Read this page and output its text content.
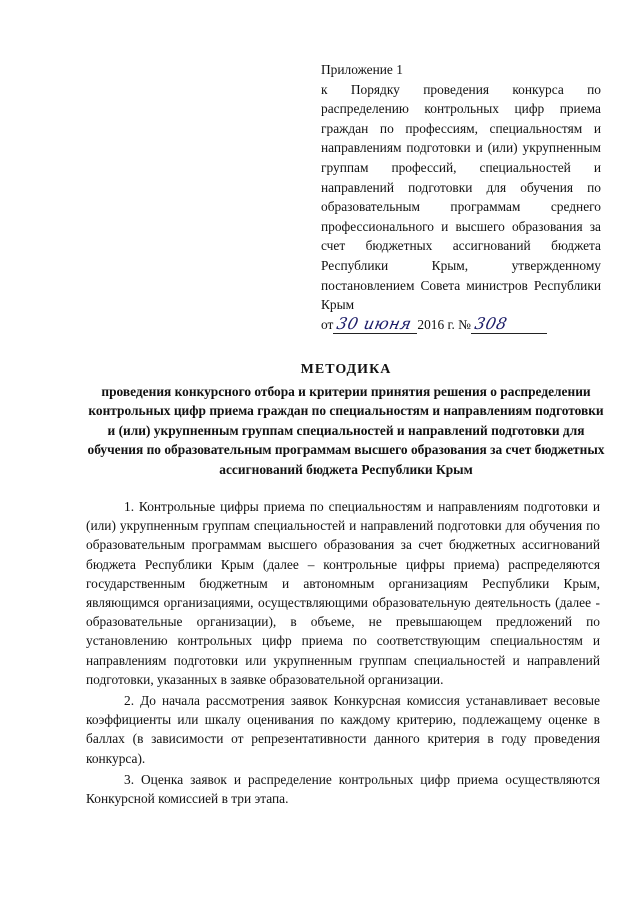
Приложение 1
к Порядку проведения конкурса по распределению контрольных цифр приема граждан по профессиям, специальностям и направлениям подготовки и (или) укрупненным группам профессий, специальностей и направлений подготовки для обучения по образовательным программам среднего профессионального и высшего образования за счет бюджетных ассигнований бюджета Республики Крым, утвержденному постановлением Совета министров Республики Крым
от 30 июня 2016 г. № 308
МЕТОДИКА
проведения конкурсного отбора и критерии принятия решения о распределении контрольных цифр приема граждан по специальностям и направлениям подготовки и (или) укрупненным группам специальностей и направлений подготовки для обучения по образовательным программам высшего образования за счет бюджетных ассигнований бюджета Республики Крым

1. Контрольные цифры приема по специальностям и направлениям подготовки и (или) укрупненным группам специальностей и направлений подготовки для обучения по образовательным программам высшего образования за счет бюджетных ассигнований бюджета Республики Крым (далее – контрольные цифры приема) распределяются государственным бюджетным и автономным организациям Республики Крым, являющимся организациями, осуществляющими образовательную деятельность (далее - образовательные организации), в объеме, не превышающем предложений по установлению контрольных цифр приема по соответствующим специальностям и направлениям подготовки или укрупненным группам специальностей и направлений подготовки, указанных в заявке образовательной организации.

2. До начала рассмотрения заявок Конкурсная комиссия устанавливает весовые коэффициенты или шкалу оценивания по каждому критерию, подлежащему оценке в баллах (в зависимости от репрезентативности данного критерия в году проведения конкурса).

3. Оценка заявок и распределение контрольных цифр приема осуществляются Конкурсной комиссией в три этапа.
